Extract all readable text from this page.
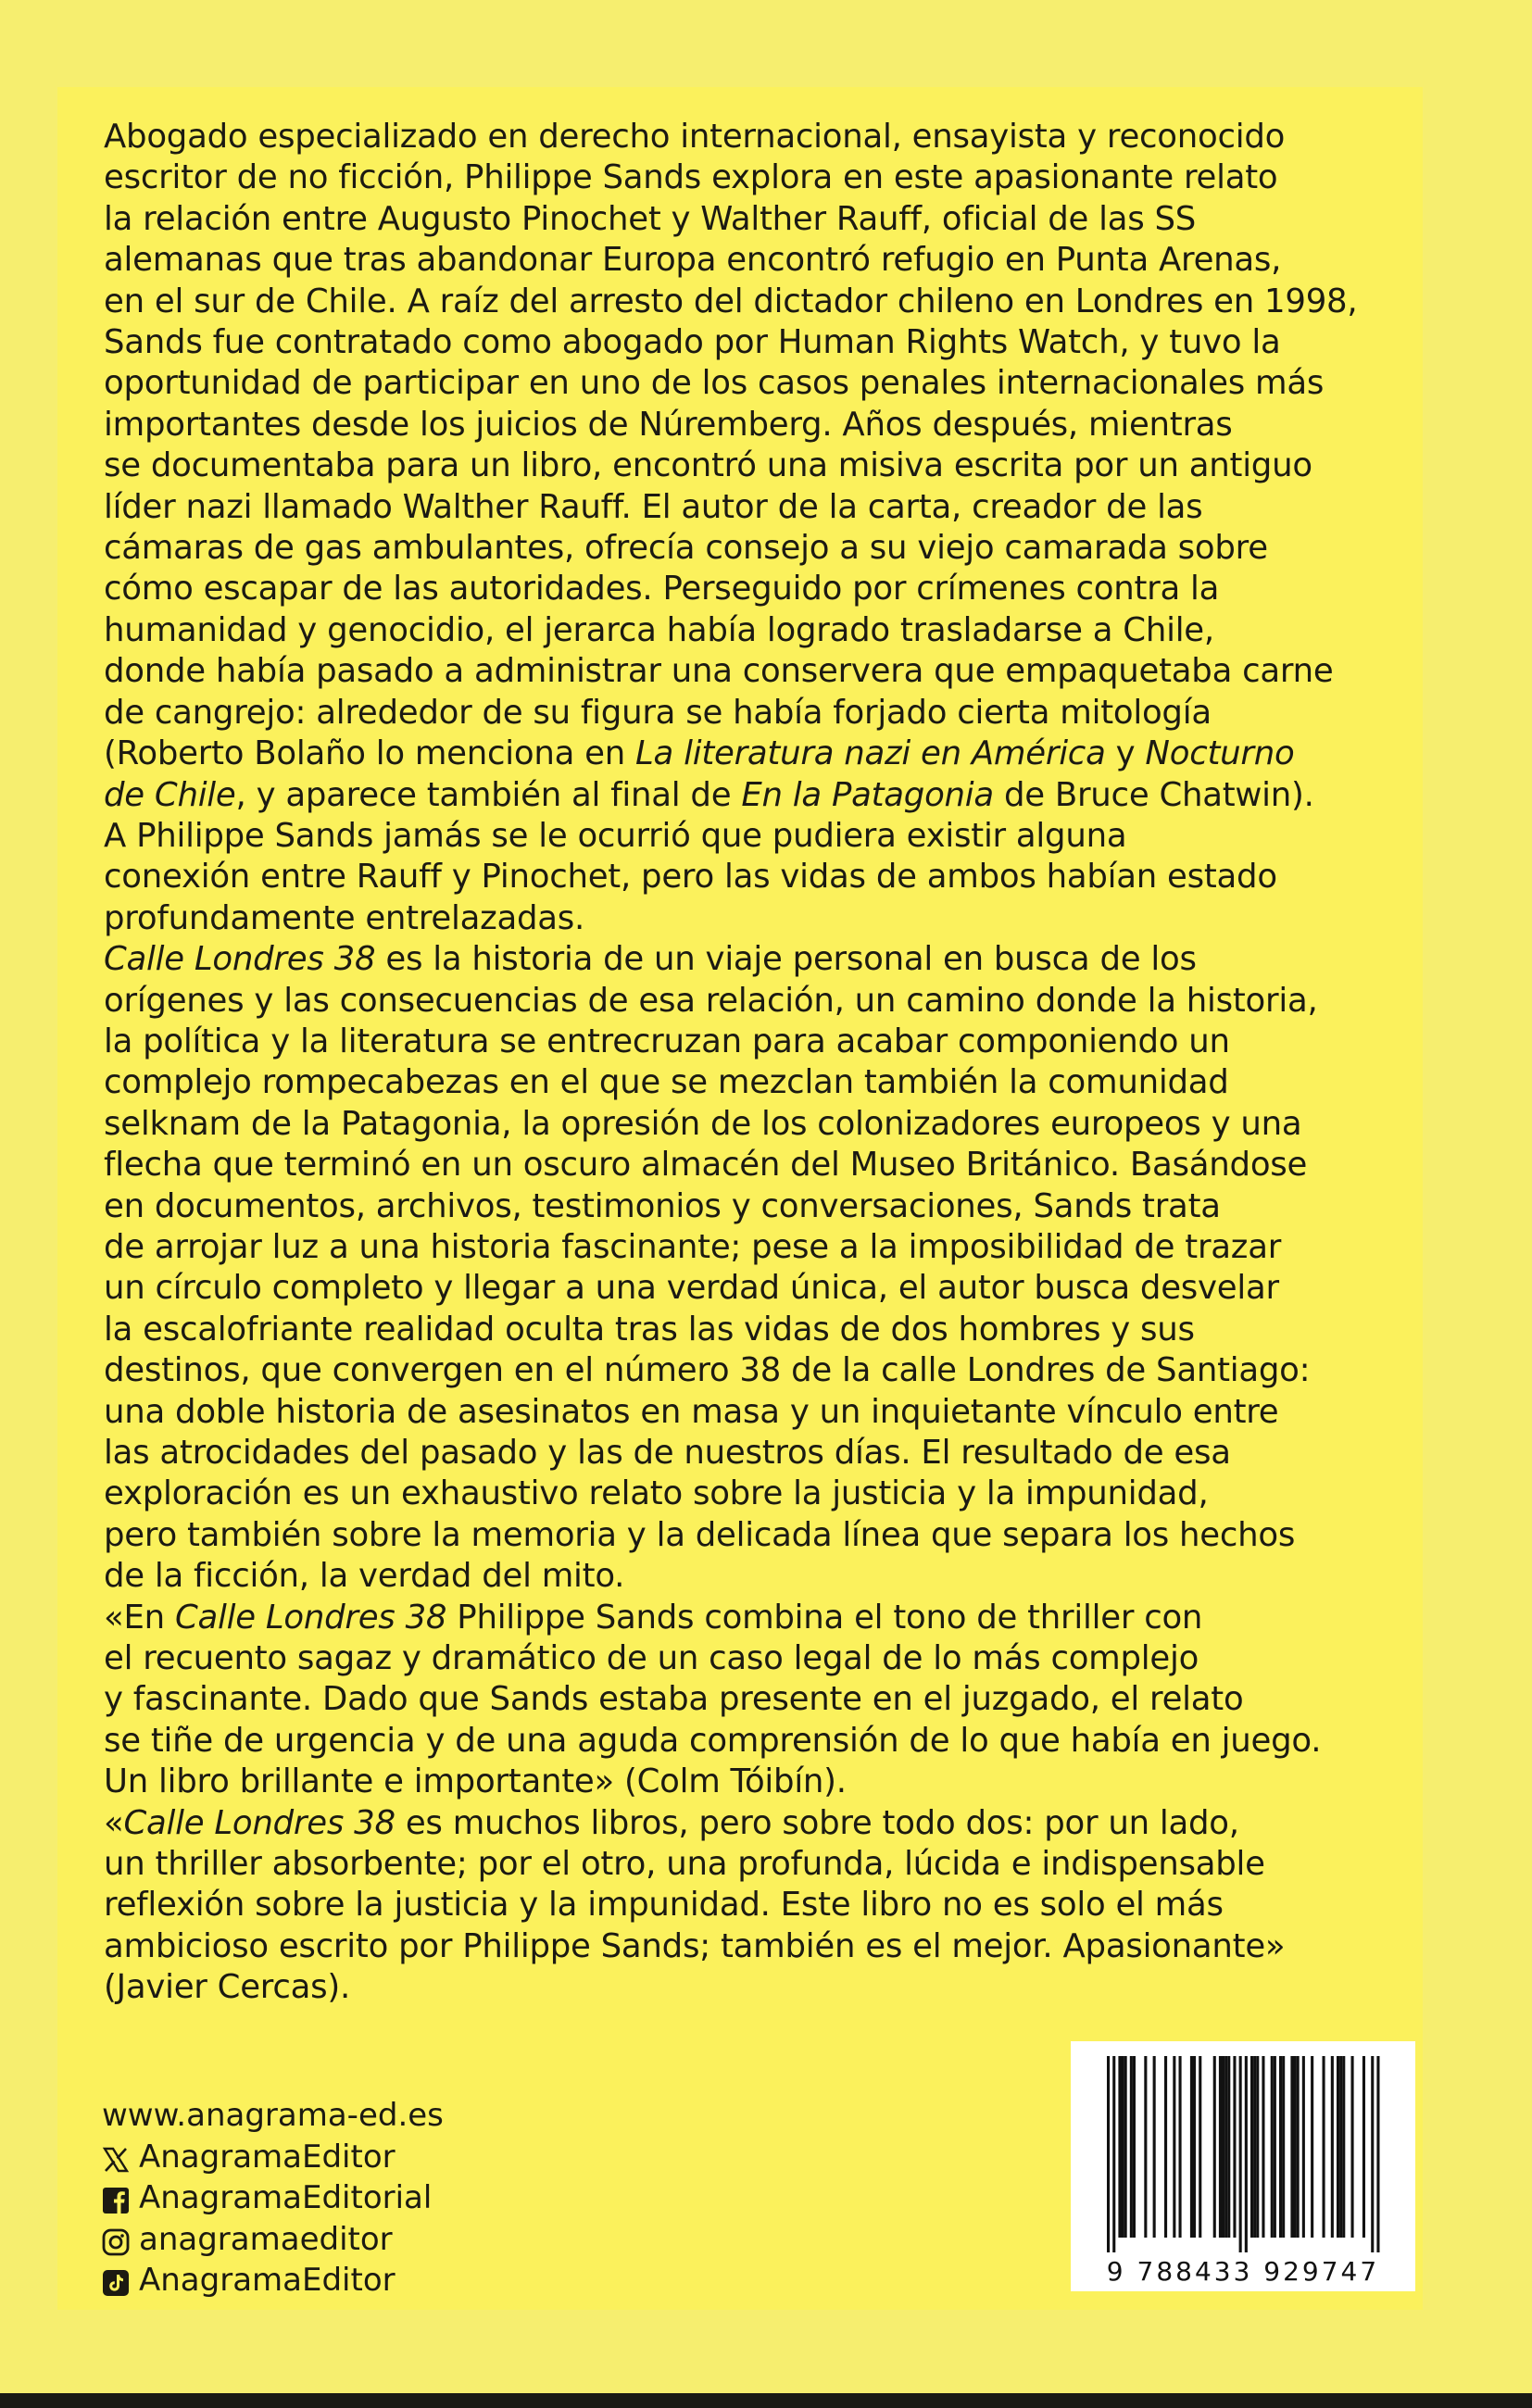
Abogado especializado en derecho internacional, ensayista y reconocido
escritor de no ficción, Philippe Sands explora en este apasionante relato
la relación entre Augusto Pinochet y Walther Rauff, oficial de las SS
alemanas que tras abandonar Europa encontró refugio en Punta Arenas,
en el sur de Chile. A raíz del arresto del dictador chileno en Londres en 1998,
Sands fue contratado como abogado por Human Rights Watch, y tuvo la
oportunidad de participar en uno de los casos penales internacionales más
importantes desde los juicios de Núremberg. Años después, mientras
se documentaba para un libro, encontró una misiva escrita por un antiguo
líder nazi llamado Walther Rauff. El autor de la carta, creador de las
cámaras de gas ambulantes, ofrecía consejo a su viejo camarada sobre
cómo escapar de las autoridades. Perseguido por crímenes contra la
humanidad y genocidio, el jerarca había logrado trasladarse a Chile,
donde había pasado a administrar una conservera que empaquetaba carne
de cangrejo: alrededor de su figura se había forjado cierta mitología

(Roberto Bolaño lo menciona en La literatura nazi en América y Nocturno
de Chile, y aparece también al final de En la Patagonia de Bruce Chatwin).

A Philippe Sands jamás se le ocurrió que pudiera existir alguna
conexión entre Rauff y Pinochet, pero las vidas de ambos habían estado
profundamente entrelazadas.

Calle Londres 38 es la historia de un viaje personal en busca de los

orígenes y las consecuencias de esa relación, un camino donde la historia,
la política y la literatura se entrecruzan para acabar componiendo un
complejo rompecabezas en el que se mezclan también la comunidad
selknam de la Patagonia, la opresión de los colonizadores europeos y una
flecha que terminó en un oscuro almacén del Museo Británico. Basándose
en documentos, archivos, testimonios y conversaciones, Sands trata
de arrojar luz a una historia fascinante; pese a la imposibilidad de trazar
un círculo completo y llegar a una verdad única, el autor busca desvelar
la escalofriante realidad oculta tras las vidas de dos hombres y sus
destinos, que convergen en el número 38 de la calle Londres de Santiago:
una doble historia de asesinatos en masa y un inquietante vínculo entre
las atrocidades del pasado y las de nuestros días. El resultado de esa
exploración es un exhaustivo relato sobre la justicia y la impunidad,
pero también sobre la memoria y la delicada línea que separa los hechos
de la ficción, la verdad del mito.

«En Calle Londres 38 Philippe Sands combina el tono de thriller con

el recuento sagaz y dramático de un caso legal de lo más complejo
y fascinante. Dado que Sands estaba presente en el juzgado, el relato
se tiñe de urgencia y de una aguda comprensión de lo que había en juego.
Un libro brillante e importante» (Colm Tóibín).

«Calle Londres 38 es muchos libros, pero sobre todo dos: por un lado,

un thriller absorbente; por el otro, una profunda, lúcida e indispensable
reflexión sobre la justicia y la impunidad. Este libro no es solo el más
ambicioso escrito por Philippe Sands; también es el mejor. Apasionante»
(Javier Cercas).
www.anagrama-ed.es
AnagramaEditor
AnagramaEditorial
anagramaeditor
AnagramaEditor	9 788433 929747
